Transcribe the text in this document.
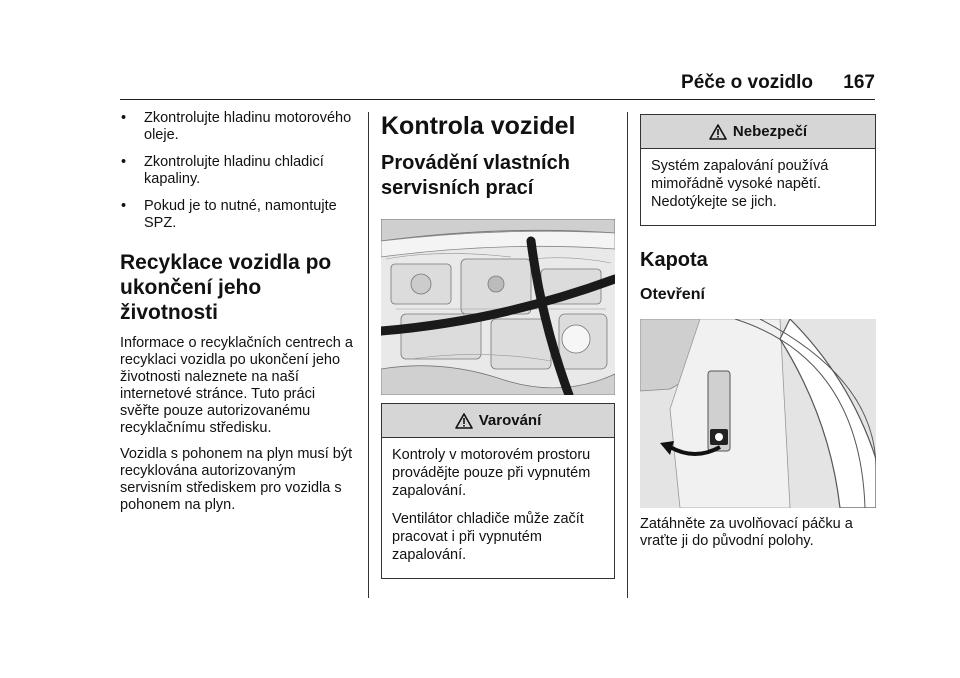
Péče o vozidlo 167
• Zkontrolujte hladinu motorového oleje.
• Zkontrolujte hladinu chladicí kapaliny.
• Pokud je to nutné, namontujte SPZ.
Recyklace vozidla po ukončení jeho životnosti

Informace o recyklačních centrech a recyklaci vozidla po ukončení jeho životnosti naleznete na naší internetové stránce. Tuto práci svěřte pouze autorizovanému recyklačnímu středisku.

Vozidla s pohonem na plyn musí být recyklována autorizovaným servisním střediskem pro vozidla s pohonem na plyn.

Kontrola vozidel
Provádění vlastních servisních prací
Varování

Kontroly v motorovém prostoru provádějte pouze při vypnutém zapalování.

Ventilátor chladiče může začít pracovat i při vypnutém zapalování.

Nebezpečí

Systém zapalování používá mimořádně vysoké napětí. Nedotýkejte se jich.

Kapota
Otevření

Zatáhněte za uvolňovací páčku a vraťte ji do původní polohy.
